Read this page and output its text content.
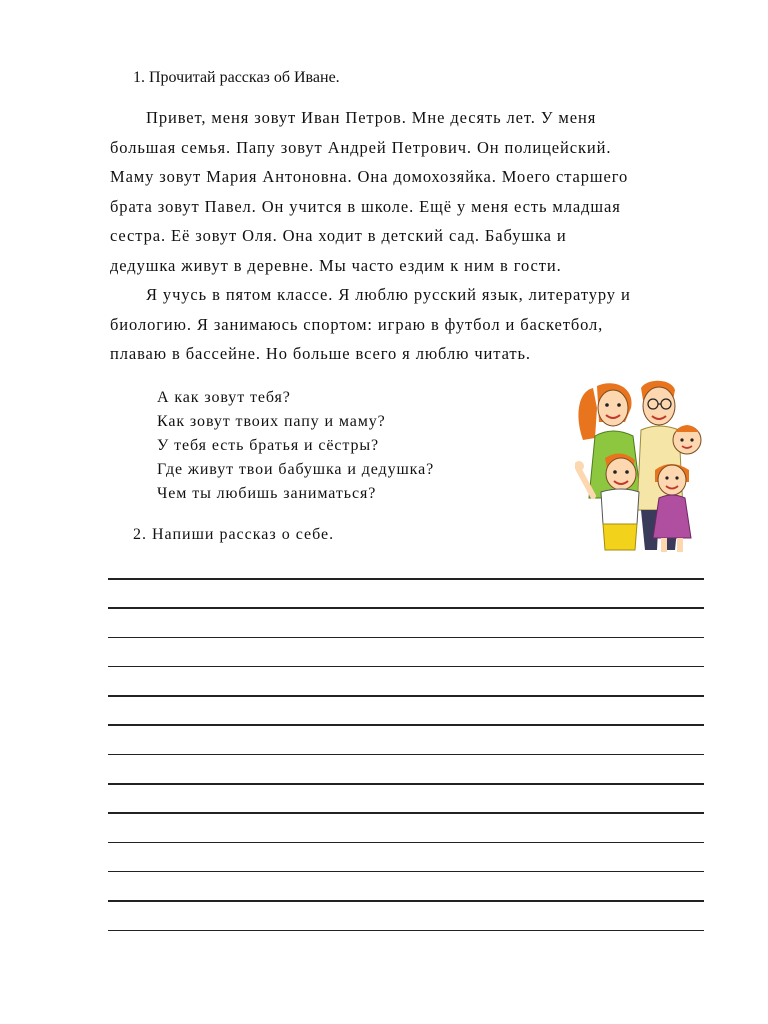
1. Прочитай рассказ об Иване.
Привет, меня зовут Иван Петров. Мне десять лет. У меня
большая семья. Папу зовут Андрей Петрович. Он полицейский.
Маму зовут Мария Антоновна. Она домохозяйка. Моего старшего
брата зовут Павел. Он учится в школе. Ещё у меня есть младшая
сестра. Её зовут Оля. Она ходит в детский сад. Бабушка и
дедушка живут в деревне. Мы часто ездим к ним в гости.
Я учусь в пятом классе. Я люблю русский язык, литературу и
биологию. Я занимаюсь спортом: играю в футбол и баскетбол,
плаваю в бассейне. Но больше всего я люблю читать.
А как зовут тебя?
Как зовут твоих папу и маму?
У тебя есть братья и сёстры?
Где живут твои бабушка и дедушка?
Чем ты любишь заниматься?
2. Напиши рассказ о себе.
